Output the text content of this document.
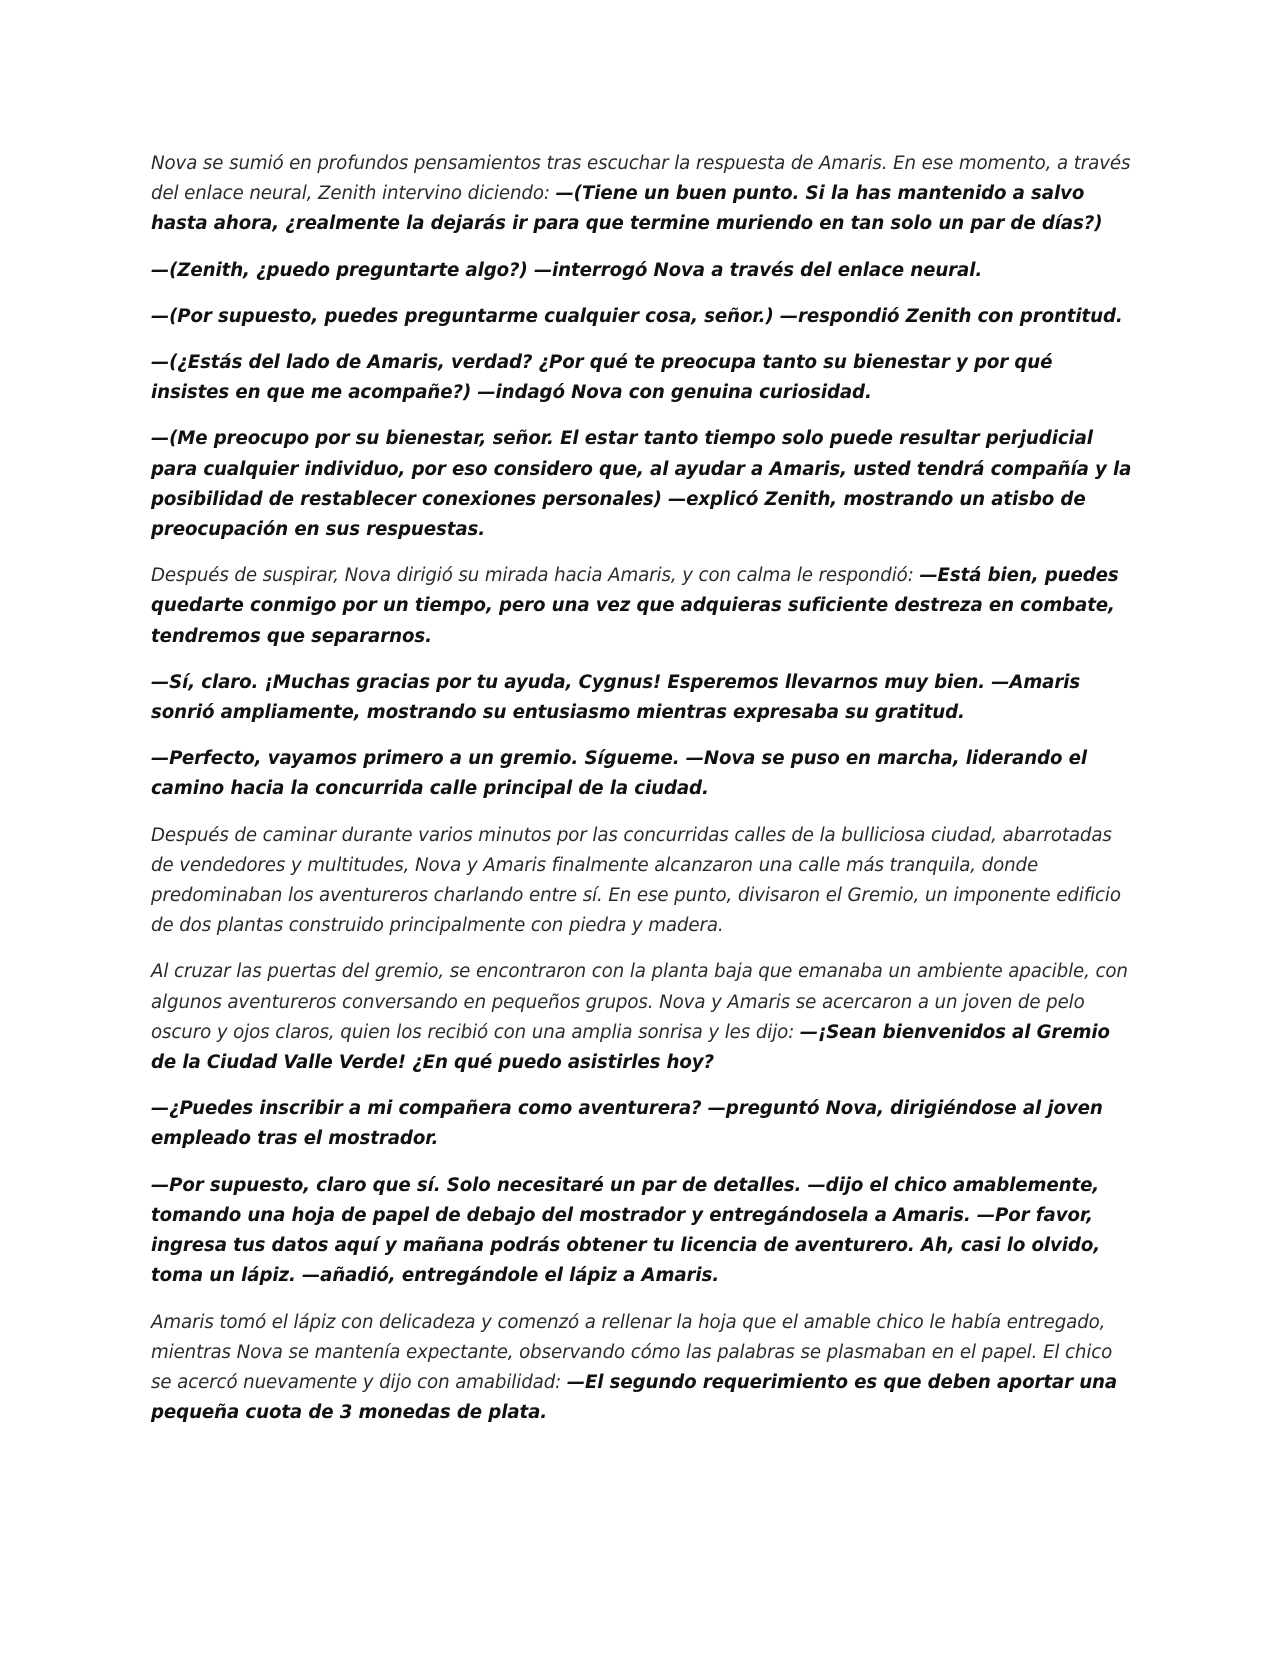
Nova se sumió en profundos pensamientos tras escuchar la respuesta de Amaris. En ese momento, a través del enlace neural, Zenith intervino diciendo: —(Tiene un buen punto. Si la has mantenido a salvo hasta ahora, ¿realmente la dejarás ir para que termine muriendo en tan solo un par de días?)

—(Zenith, ¿puedo preguntarte algo?) —interrogó Nova a través del enlace neural.

—(Por supuesto, puedes preguntarme cualquier cosa, señor.) —respondió Zenith con prontitud.

—(¿Estás del lado de Amaris, verdad? ¿Por qué te preocupa tanto su bienestar y por qué insistes en que me acompañe?) —indagó Nova con genuina curiosidad.

—(Me preocupo por su bienestar, señor. El estar tanto tiempo solo puede resultar perjudicial para cualquier individuo, por eso considero que, al ayudar a Amaris, usted tendrá compañía y la posibilidad de restablecer conexiones personales) —explicó Zenith, mostrando un atisbo de preocupación en sus respuestas.

Después de suspirar, Nova dirigió su mirada hacia Amaris, y con calma le respondió: —Está bien, puedes quedarte conmigo por un tiempo, pero una vez que adquieras suficiente destreza en combate, tendremos que separarnos.

—Sí, claro. ¡Muchas gracias por tu ayuda, Cygnus! Esperemos llevarnos muy bien. —Amaris sonrió ampliamente, mostrando su entusiasmo mientras expresaba su gratitud.

—Perfecto, vayamos primero a un gremio. Sígueme. —Nova se puso en marcha, liderando el camino hacia la concurrida calle principal de la ciudad.

Después de caminar durante varios minutos por las concurridas calles de la bulliciosa ciudad, abarrotadas de vendedores y multitudes, Nova y Amaris finalmente alcanzaron una calle más tranquila, donde predominaban los aventureros charlando entre sí. En ese punto, divisaron el Gremio, un imponente edificio de dos plantas construido principalmente con piedra y madera.

Al cruzar las puertas del gremio, se encontraron con la planta baja que emanaba un ambiente apacible, con algunos aventureros conversando en pequeños grupos. Nova y Amaris se acercaron a un joven de pelo oscuro y ojos claros, quien los recibió con una amplia sonrisa y les dijo: —¡Sean bienvenidos al Gremio de la Ciudad Valle Verde! ¿En qué puedo asistirles hoy?

—¿Puedes inscribir a mi compañera como aventurera? —preguntó Nova, dirigiéndose al joven empleado tras el mostrador.

—Por supuesto, claro que sí. Solo necesitaré un par de detalles. —dijo el chico amablemente, tomando una hoja de papel de debajo del mostrador y entregándosela a Amaris. —Por favor, ingresa tus datos aquí y mañana podrás obtener tu licencia de aventurero. Ah, casi lo olvido, toma un lápiz. —añadió, entregándole el lápiz a Amaris.

Amaris tomó el lápiz con delicadeza y comenzó a rellenar la hoja que el amable chico le había entregado, mientras Nova se mantenía expectante, observando cómo las palabras se plasmaban en el papel. El chico se acercó nuevamente y dijo con amabilidad: —El segundo requerimiento es que deben aportar una pequeña cuota de 3 monedas de plata.
